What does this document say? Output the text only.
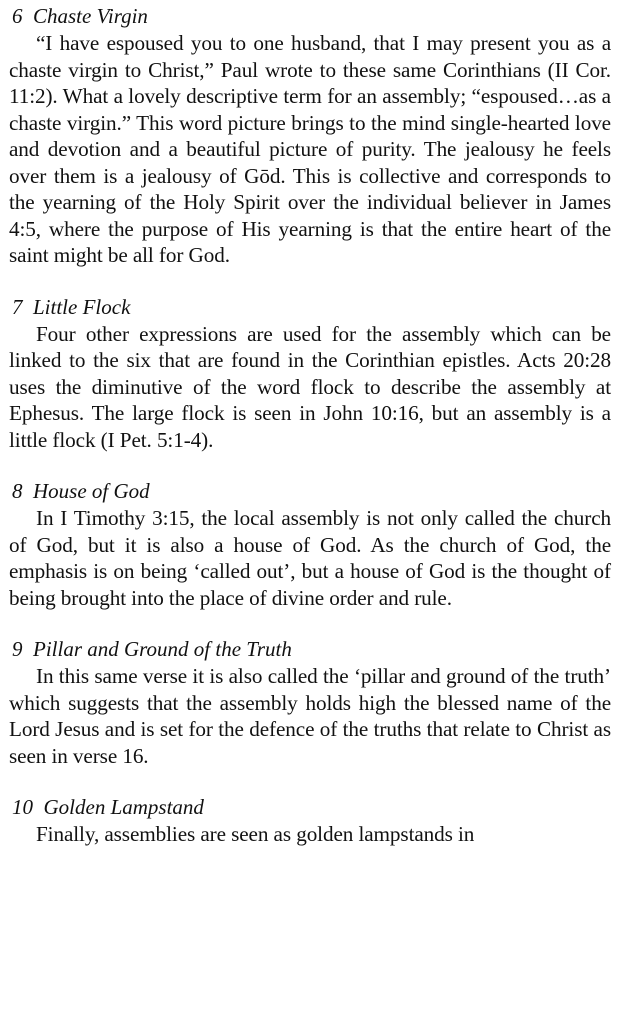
6 Chaste Virgin

“I have espoused you to one husband, that I may present you as a chaste virgin to Christ,” Paul wrote to these same Corinthians (II Cor. 11:2). What a lovely descriptive term for an assembly; “espoused…as a chaste virgin.” This word picture brings to the mind single-hearted love and devotion and a beautiful picture of purity. The jealousy he feels over them is a jealousy of Gōd. This is collective and corresponds to the yearning of the Holy Spirit over the individual believer in James 4:5, where the purpose of His yearning is that the entire heart of the saint might be all for God.

7 Little Flock

Four other expressions are used for the assembly which can be linked to the six that are found in the Corinthian epistles. Acts 20:28 uses the diminutive of the word flock to describe the assembly at Ephesus. The large flock is seen in John 10:16, but an assembly is a little flock (I Pet. 5:1-4).

8 House of God

In I Timothy 3:15, the local assembly is not only called the church of God, but it is also a house of God. As the church of God, the emphasis is on being ‘called out’, but a house of God is the thought of being brought into the place of divine order and rule.

9 Pillar and Ground of the Truth

In this same verse it is also called the ‘pillar and ground of the truth’ which suggests that the assembly holds high the blessed name of the Lord Jesus and is set for the defence of the truths that relate to Christ as seen in verse 16.

10 Golden Lampstand

Finally, assemblies are seen as golden lampstands in
